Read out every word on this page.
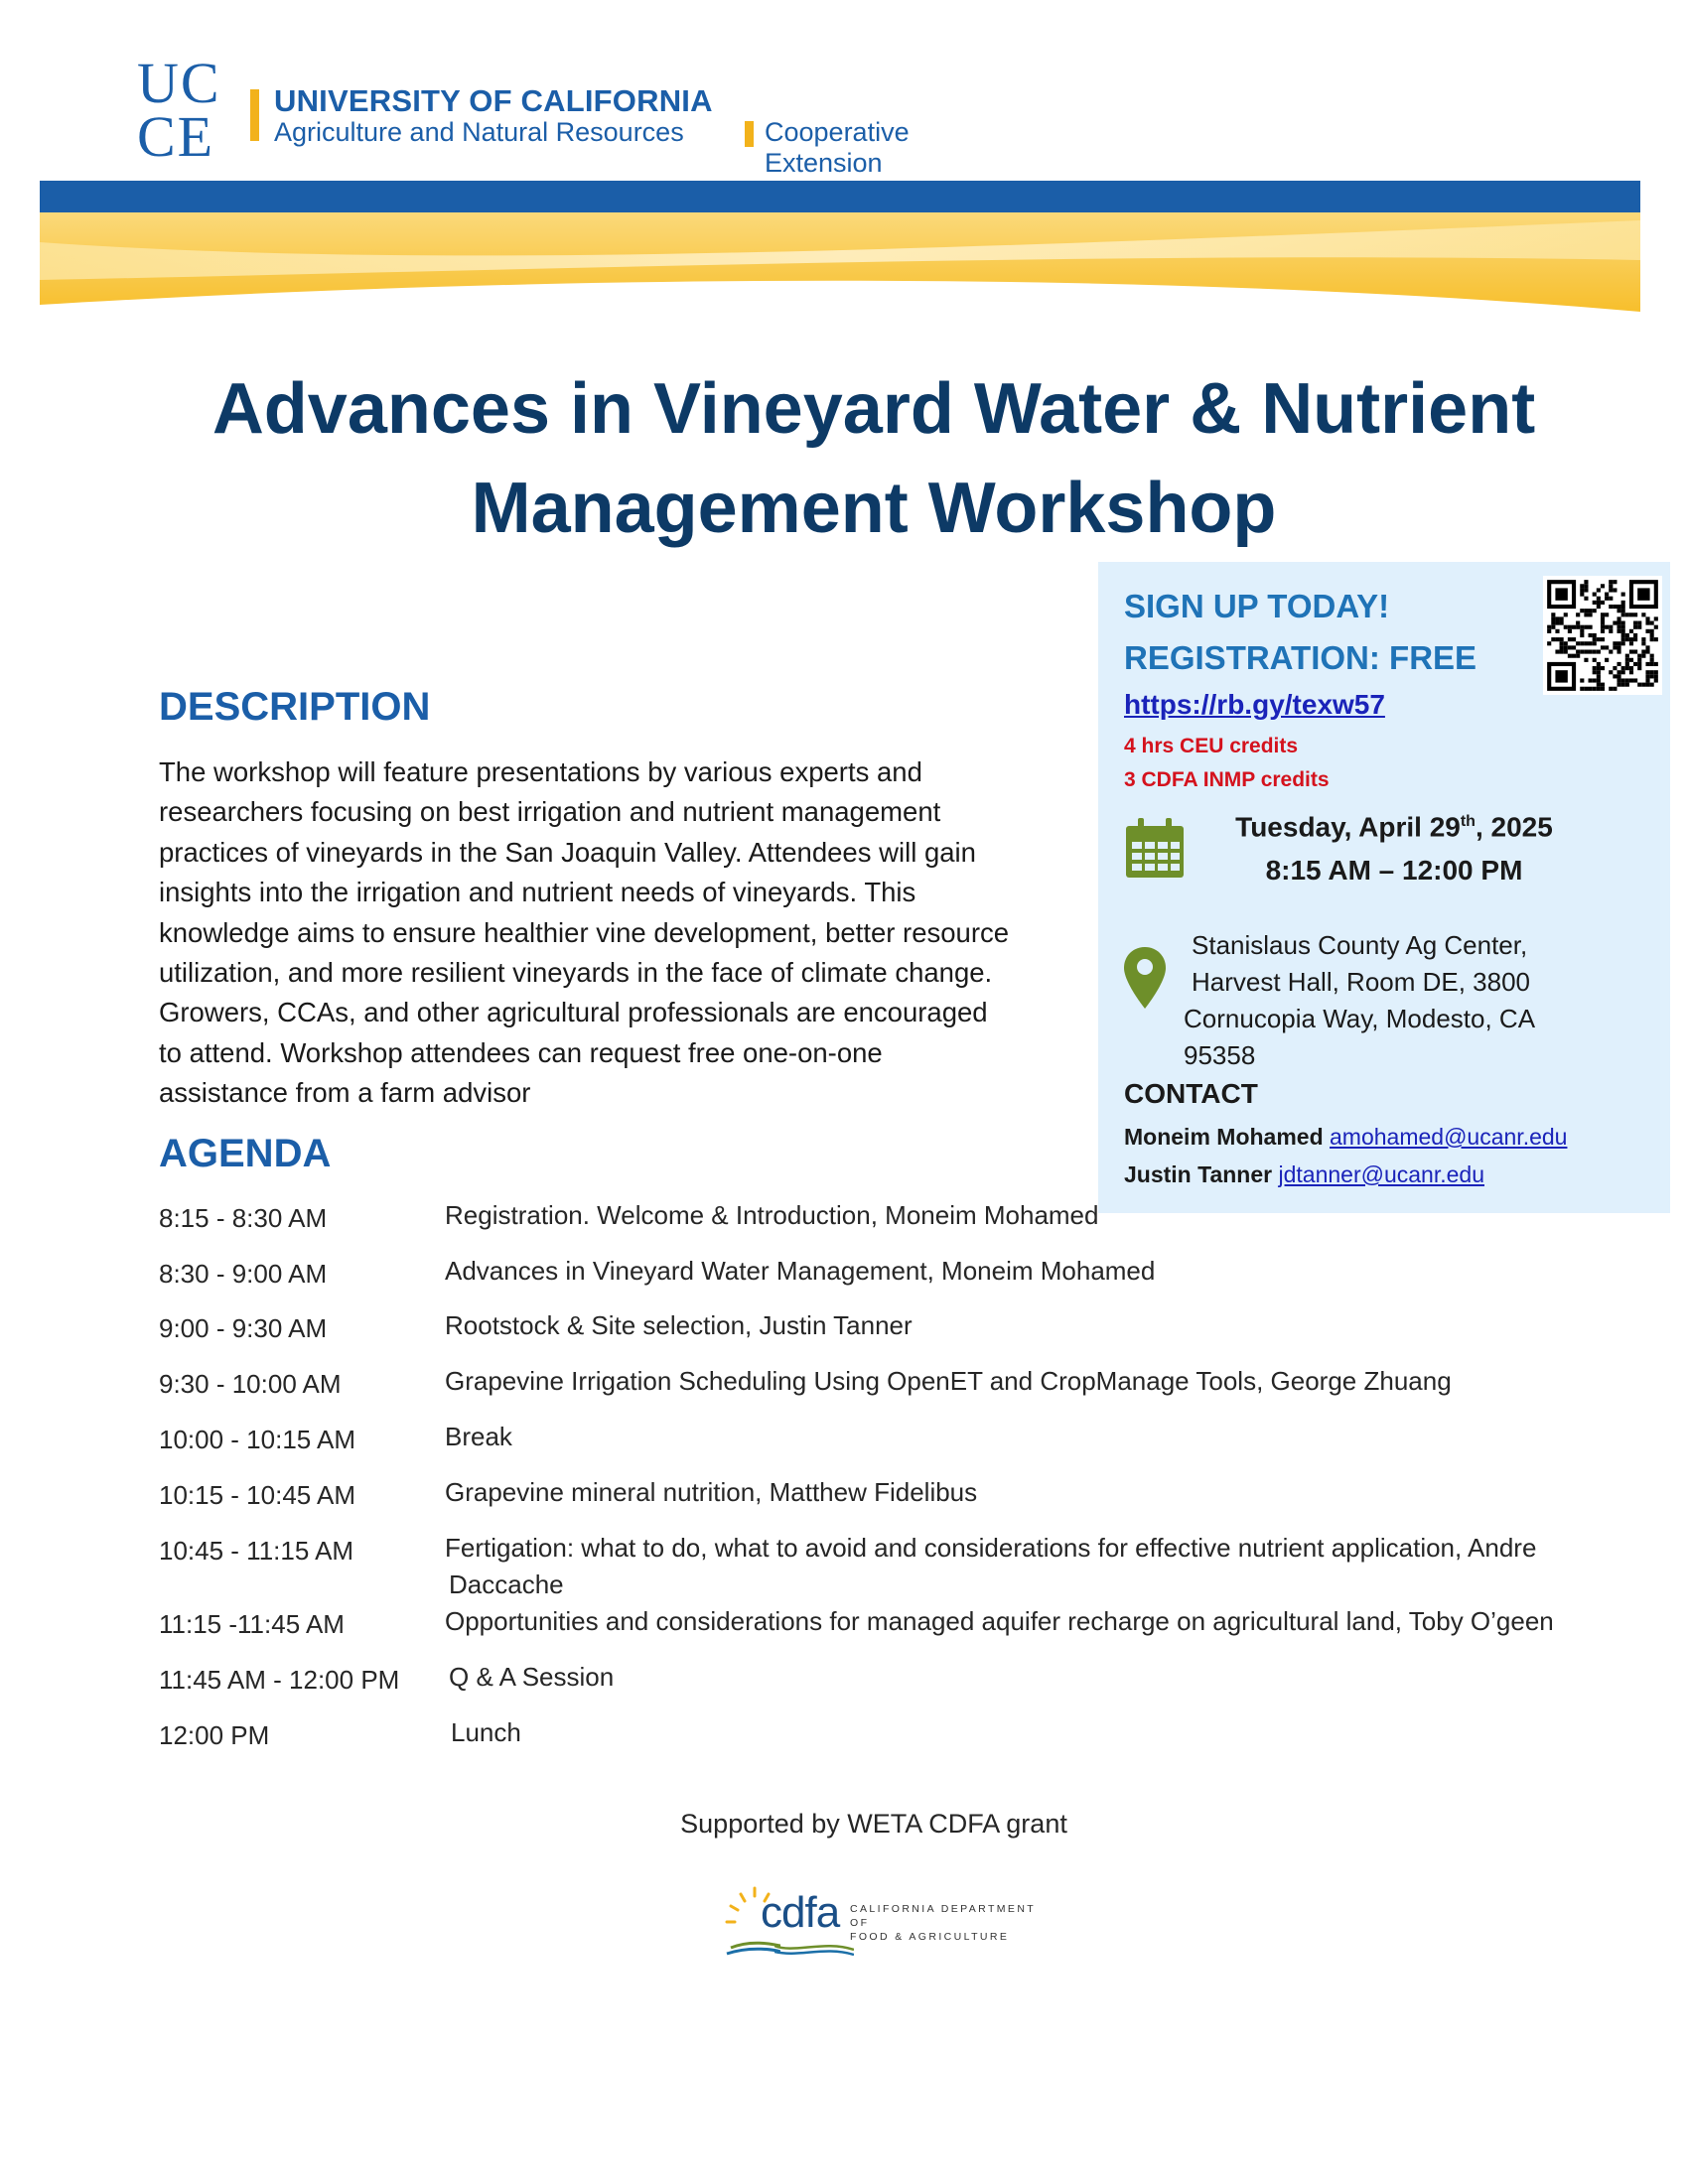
UC
CE
UNIVERSITY OF CALIFORNIA
Agriculture and Natural Resources	Cooperative Extension
Advances in Vineyard Water & Nutrient
Management Workshop
SIGN UP TODAY!
REGISTRATION: FREE
https://rb.gy/texw57
4 hrs CEU credits
3 CDFA INMP credits
Tuesday, April 29th, 2025
8:15 AM – 12:00 PM
Stanislaus County Ag Center,
Harvest Hall, Room DE, 3800
Cornucopia Way, Modesto, CA
95358
CONTACT
Moneim Mohamed amohamed@ucanr.edu
Justin Tanner jdtanner@ucanr.edu
DESCRIPTION
The workshop will feature presentations by various experts and
researchers focusing on best irrigation and nutrient management
practices of vineyards in the San Joaquin Valley. Attendees will gain
insights into the irrigation and nutrient needs of vineyards. This
knowledge aims to ensure healthier vine development, better resource
utilization, and more resilient vineyards in the face of climate change.
Growers, CCAs, and other agricultural professionals are encouraged
to attend. Workshop attendees can request free one-on-one
assistance from a farm advisor
AGENDA
8:15 - 8:30 AM	Registration. Welcome & Introduction, Moneim Mohamed
8:30 - 9:00 AM	Advances in Vineyard Water Management, Moneim Mohamed
9:00 - 9:30 AM	Rootstock & Site selection, Justin Tanner
9:30 - 10:00 AM	Grapevine Irrigation Scheduling Using OpenET and CropManage Tools, George Zhuang
10:00 - 10:15 AM	Break
10:15 - 10:45 AM	Grapevine mineral nutrition, Matthew Fidelibus
10:45 - 11:15 AM	Fertigation: what to do, what to avoid and considerations for effective nutrient application, Andre
Daccache
11:15 -11:45 AM	Opportunities and considerations for managed aquifer recharge on agricultural land, Toby O’geen
11:45 AM - 12:00 PM Q & A Session
12:00 PM	Lunch
Supported by WETA CDFA grant
cdfa CALIFORNIA DEPARTMENT OF
FOOD & AGRICULTURE
